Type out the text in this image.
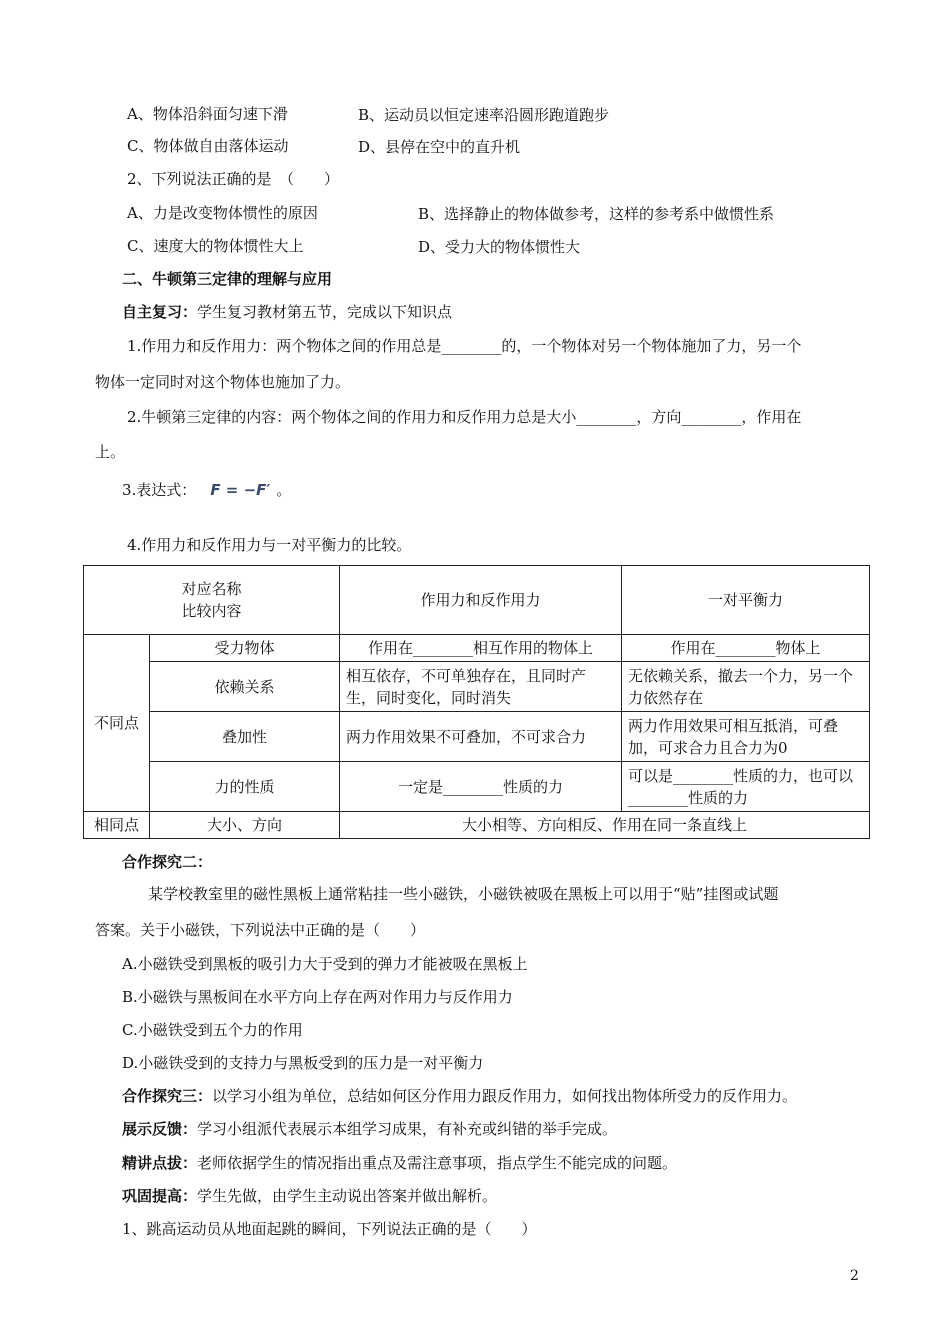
A、物体沿斜面匀速下滑	B、运动员以恒定速率沿圆形跑道跑步
C、物体做自由落体运动	D、县停在空中的直升机
2、下列说法正确的是　（　　）
A、力是改变物体惯性的原因	B、选择静止的物体做参考，这样的参考系中做惯性系
C、速度大的物体惯性大上	D、受力大的物体惯性大
二、牛顿第三定律的理解与应用
自主复习：学生复习教材第五节，完成以下知识点
1.作用力和反作用力：两个物体之间的作用总是________的，一个物体对另一个物体施加了力，另一个
物体一定同时对这个物体也施加了力。
2.牛顿第三定律的内容：两个物体之间的作用力和反作用力总是大小________，方向________，作用在
上。
3.表达式： F = −F′ 。
4.作用力和反作用力与一对平衡力的比较。
对应名称
比较内容		作用力和反作用力	一对平衡力
不同点	受力物体	作用在________相互作用的物体上	作用在________物体上
	依赖关系	相互依存，不可单独存在，且同时产生，同时变化，同时消失	无依赖关系，撤去一个力，另一个力依然存在
	叠加性	两力作用效果不可叠加，不可求合力	两力作用效果可相互抵消，可叠加，可求合力且合力为0
	力的性质	一定是________性质的力	可以是________性质的力，也可以________性质的力
相同点	大小、方向	大小相等、方向相反、作用在同一条直线上	
合作探究二：
某学校教室里的磁性黑板上通常粘挂一些小磁铁，小磁铁被吸在黑板上可以用于“贴”挂图或试题
答案。关于小磁铁，下列说法中正确的是（　　）
A.小磁铁受到黑板的吸引力大于受到的弹力才能被吸在黑板上
B.小磁铁与黑板间在水平方向上存在两对作用力与反作用力
C.小磁铁受到五个力的作用
D.小磁铁受到的支持力与黑板受到的压力是一对平衡力
合作探究三：以学习小组为单位，总结如何区分作用力跟反作用力，如何找出物体所受力的反作用力。
展示反馈：学习小组派代表展示本组学习成果，有补充或纠错的举手完成。
精讲点拔：老师依据学生的情况指出重点及需注意事项，指点学生不能完成的问题。
巩固提高：学生先做，由学生主动说出答案并做出解析。
1、跳高运动员从地面起跳的瞬间，下列说法正确的是（　　）
2
